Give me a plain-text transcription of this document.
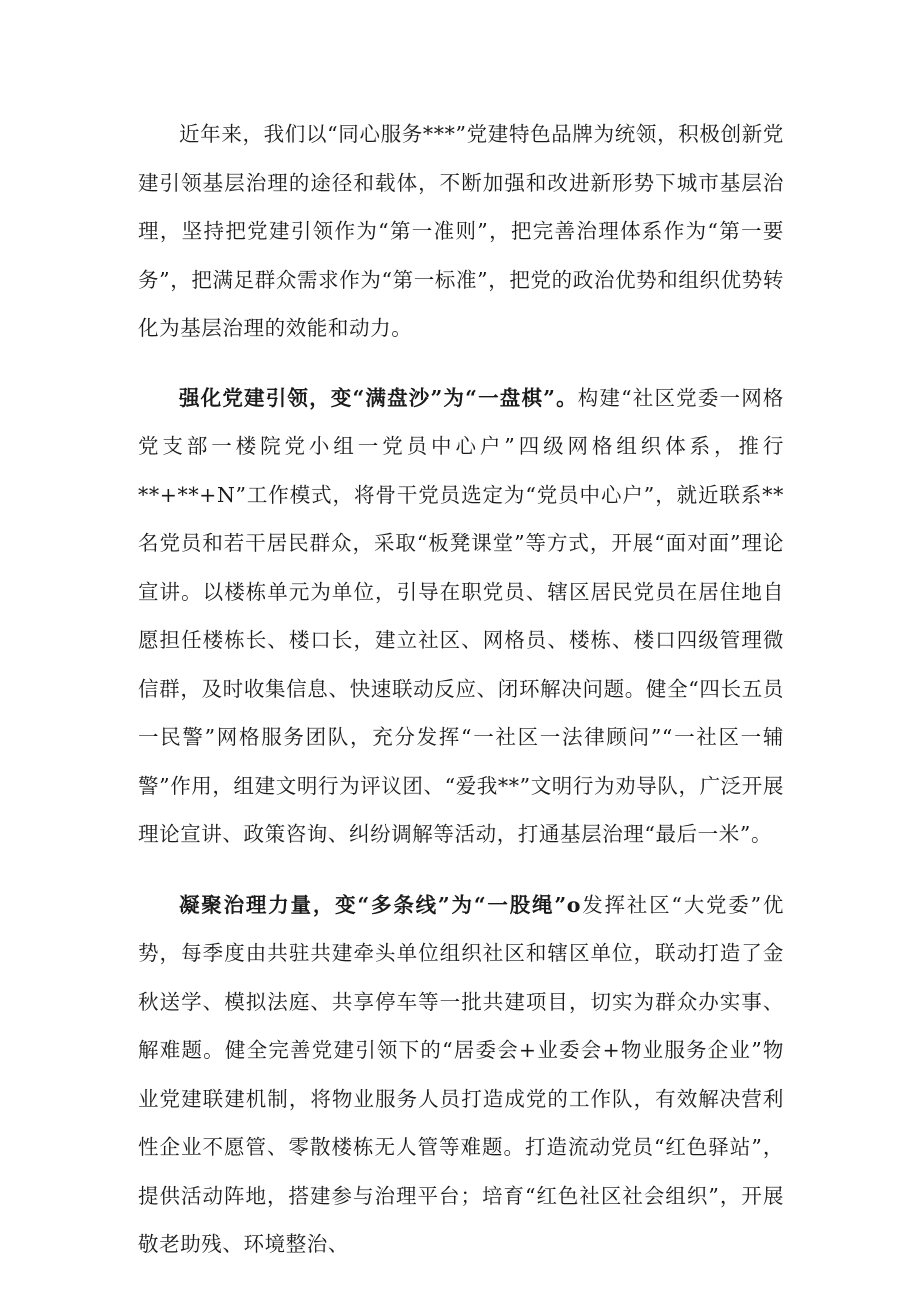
近年来，我们以“同心服务***”党建特色品牌为统领，积极创新党建引领基层治理的途径和载体，不断加强和改进新形势下城市基层治理，坚持把党建引领作为“第一准则”，把完善治理体系作为“第一要务”，把满足群众需求作为“第一标准”，把党的政治优势和组织优势转化为基层治理的效能和动力。

强化党建引领，变“满盘沙”为“一盘棋”。构建“社区党委一网格党支部一楼院党小组一党员中心户”四级网格组织体系，推行**+**+N”工作模式，将骨干党员选定为“党员中心户”，就近联系**名党员和若干居民群众，采取“板凳课堂”等方式，开展“面对面”理论宣讲。以楼栋单元为单位，引导在职党员、辖区居民党员在居住地自愿担任楼栋长、楼口长，建立社区、网格员、楼栋、楼口四级管理微信群，及时收集信息、快速联动反应、闭环解决问题。健全“四长五员一民警”网格服务团队，充分发挥“一社区一法律顾问”“一社区一辅警”作用，组建文明行为评议团、“爱我**”文明行为劝导队，广泛开展理论宣讲、政策咨询、纠纷调解等活动，打通基层治理“最后一米”。

凝聚治理力量，变“多条线”为“一股绳”o发挥社区“大党委”优势，每季度由共驻共建牵头单位组织社区和辖区单位，联动打造了金秋送学、模拟法庭、共享停车等一批共建项目，切实为群众办实事、解难题。健全完善党建引领下的“居委会+业委会+物业服务企业”物业党建联建机制，将物业服务人员打造成党的工作队，有效解决营利性企业不愿管、零散楼栋无人管等难题。打造流动党员“红色驿站”，提供活动阵地，搭建参与治理平台；培育“红色社区社会组织”，开展敬老助残、环境整治、
